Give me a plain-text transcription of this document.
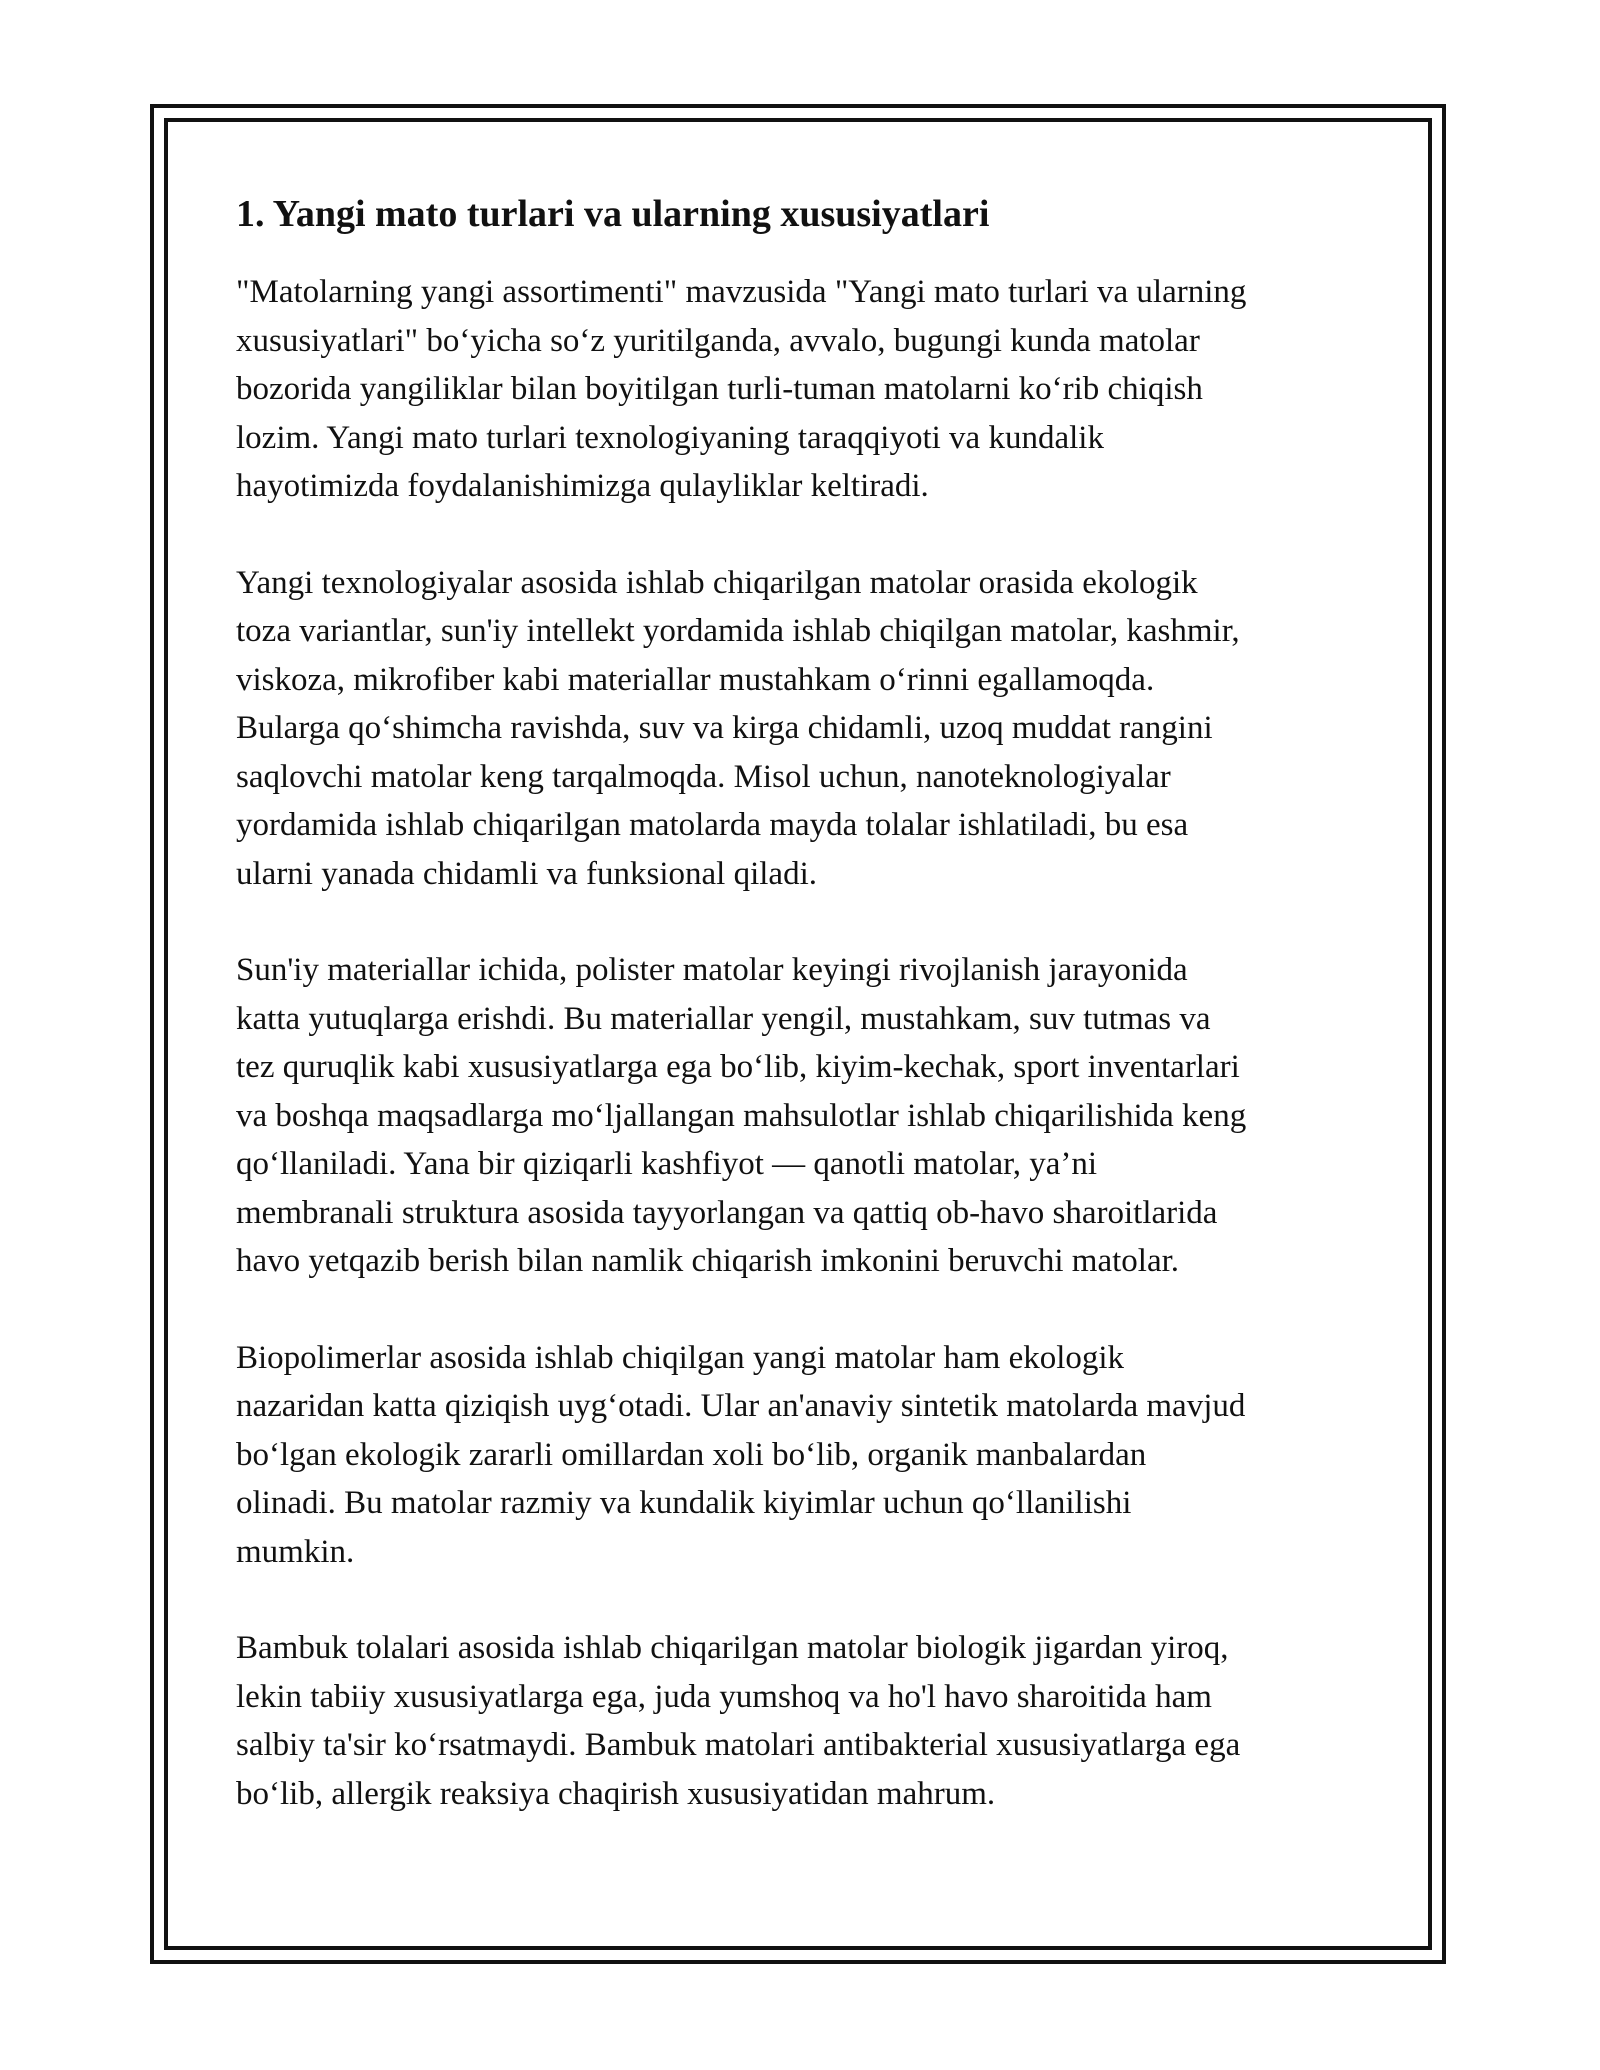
1. Yangi mato turlari va ularning xususiyatlari

"Matolarning yangi assortimenti" mavzusida "Yangi mato turlari va ularning
xususiyatlari" boʻyicha soʻz yuritilganda, avvalo, bugungi kunda matolar
bozorida yangiliklar bilan boyitilgan turli-tuman matolarni koʻrib chiqish
lozim. Yangi mato turlari texnologiyaning taraqqiyoti va kundalik
hayotimizda foydalanishimizga qulayliklar keltiradi.

Yangi texnologiyalar asosida ishlab chiqarilgan matolar orasida ekologik
toza variantlar, sun'iy intellekt yordamida ishlab chiqilgan matolar, kashmir,
viskoza, mikrofiber kabi materiallar mustahkam oʻrinni egallamoqda.
Bularga qoʻshimcha ravishda, suv va kirga chidamli, uzoq muddat rangini
saqlovchi matolar keng tarqalmoqda. Misol uchun, nanoteknologiyalar
yordamida ishlab chiqarilgan matolarda mayda tolalar ishlatiladi, bu esa
ularni yanada chidamli va funksional qiladi.

Sun'iy materiallar ichida, polister matolar keyingi rivojlanish jarayonida
katta yutuqlarga erishdi. Bu materiallar yengil, mustahkam, suv tutmas va
tez quruqlik kabi xususiyatlarga ega boʻlib, kiyim-kechak, sport inventarlari
va boshqa maqsadlarga moʻljallangan mahsulotlar ishlab chiqarilishida keng
qoʻllaniladi. Yana bir qiziqarli kashfiyot — qanotli matolar, ya’ni
membranali struktura asosida tayyorlangan va qattiq ob-havo sharoitlarida
havo yetqazib berish bilan namlik chiqarish imkonini beruvchi matolar.

Biopolimerlar asosida ishlab chiqilgan yangi matolar ham ekologik
nazaridan katta qiziqish uygʻotadi. Ular an'anaviy sintetik matolarda mavjud
boʻlgan ekologik zararli omillardan xoli boʻlib, organik manbalardan
olinadi. Bu matolar razmiy va kundalik kiyimlar uchun qoʻllanilishi
mumkin.

Bambuk tolalari asosida ishlab chiqarilgan matolar biologik jigardan yiroq,
lekin tabiiy xususiyatlarga ega, juda yumshoq va ho'l havo sharoitida ham
salbiy ta'sir koʻrsatmaydi. Bambuk matolari antibakterial xususiyatlarga ega
boʻlib, allergik reaksiya chaqirish xususiyatidan mahrum.
